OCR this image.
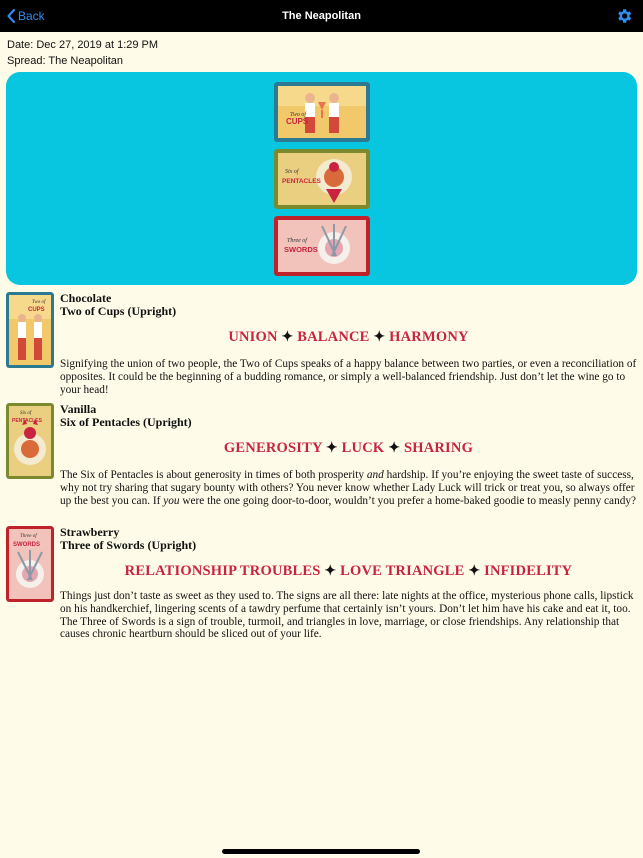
Back	The Neapolitan
Date: Dec 27, 2019 at 1:29 PM
Spread: The Neapolitan
Two of
CUPS
Six of
PENTACLES
Three of
SWORDS
Two of
CUPS
Chocolate
Two of Cups (Upright)
UNION ✦ BALANCE ✦ HARMONY
Signifying the union of two people, the Two of Cups speaks of a happy balance between two parties, or even a reconciliation of opposites. It could be the beginning of a budding romance, or simply a well-balanced friendship. Just don’t let the wine go to your head!
Six of
PENTACLES
Vanilla
Six of Pentacles (Upright)
GENEROSITY ✦ LUCK ✦ SHARING
The Six of Pentacles is about generosity in times of both prosperity and hardship. If you’re enjoying the sweet taste of success, why not try sharing that sugary bounty with others? You never know whether Lady Luck will trick or treat you, so always offer up the best you can. If you were the one going door-to-door, wouldn’t you prefer a home-baked goodie to measly penny candy?
Three of
SWORDS
Strawberry
Three of Swords (Upright)
RELATIONSHIP TROUBLES ✦ LOVE TRIANGLE ✦ INFIDELITY
Things just don’t taste as sweet as they used to. The signs are all there: late nights at the office, mysterious phone calls, lipstick on his handkerchief, lingering scents of a tawdry perfume that certainly isn’t yours. Don’t let him have his cake and eat it, too. The Three of Swords is a sign of trouble, turmoil, and triangles in love, marriage, or close friendships. Any relationship that causes chronic heartburn should be sliced out of your life.
